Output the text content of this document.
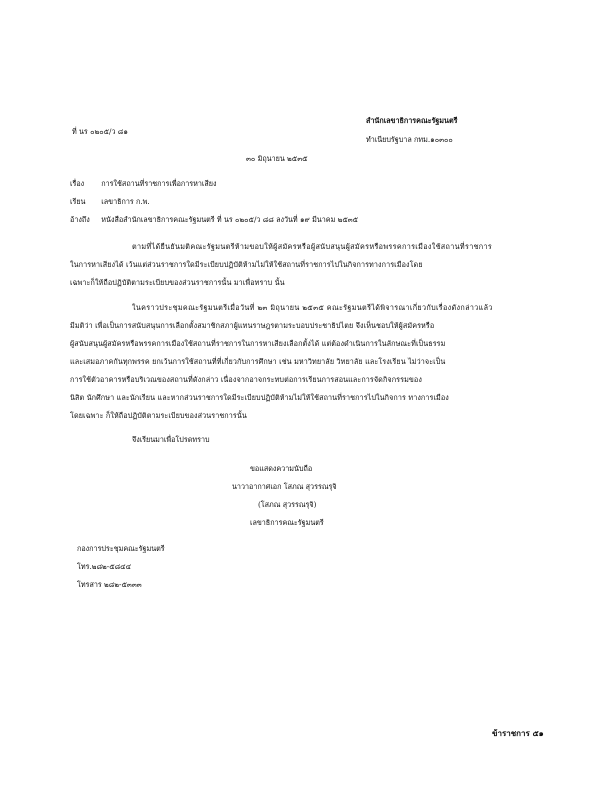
ที่ นร ๐๒๐๕/ว ๘๑
สำนักเลขาธิการคณะรัฐมนตรี
ทำเนียบรัฐบาล กทม.๑๐๓๐๐
๓๐ มิถุนายน ๒๕๓๕
เรื่อง การใช้สถานที่ราชการเพื่อการหาเสียง
เรียน เลขาธิการ ก.พ.
อ้างถึง หนังสือสำนักเลขาธิการคณะรัฐมนตรี ที่ นร ๐๒๐๕/ว ๘๘ ลงวันที่ ๑๙ มีนาคม ๒๕๓๕
ตามที่ได้ยืนยันมติคณะรัฐมนตรีห้ามขอบให้ผู้สมัครหรือผู้สนับสนุนผู้สมัครหรือพรรคการเมืองใช้สถานที่ราชการ
ในการหาเสียงได้ เว้นแต่ส่วนราชการใดมีระเบียบปฏิบัติห้ามไม่ให้ใช้สถานที่ราชการไปในกิจการทางการเมืองโดย
เฉพาะก็ให้ถือปฏิบัติตามระเบียบของส่วนราชการนั้น มาเพื่อทราบ นั้น
ในคราวประชุมคณะรัฐมนตรีเมื่อวันที่ ๒๓ มิถุนายน ๒๕๓๕ คณะรัฐมนตรีได้พิจารณาเกี่ยวกับเรื่องดังกล่าวแล้ว
มีมติว่า เพื่อเป็นการสนับสนุนการเลือกตั้งสมาชิกสภาผู้แทนราษฎรตามระบอบประชาธิปไตย จึงเห็นชอบให้ผู้สมัครหรือ
ผู้สนับสนุนผู้สมัครหรือพรรคการเมืองใช้สถานที่ราชการในการหาเสียงเลือกตั้งได้ แต่ต้องดำเนินการในลักษณะที่เป็นธรรม
และเสมอภาคกันทุกพรรค ยกเว้นการใช้สถานที่ที่เกี่ยวกับการศึกษา เช่น มหาวิทยาลัย วิทยาลัย และโรงเรียน ไม่ว่าจะเป็น
การใช้ตัวอาคารหรือบริเวณของสถานที่ดังกล่าว เนื่องจากอาจกระทบต่อการเรียนการสอนและการจัดกิจกรรมของ
นิสิต นักศึกษา และนักเรียน และหากส่วนราชการใดมีระเบียบปฏิบัติห้ามไม่ให้ใช้สถานที่ราชการไปในกิจการ ทางการเมือง
โดยเฉพาะ ก็ให้ถือปฏิบัติตามระเบียบของส่วนราชการนั้น
จึงเรียนมาเพื่อโปรดทราบ
ขอแสดงความนับถือ
นาวาอากาศเอก โสภณ สุวรรณรุจิ
(โสภณ สุวรรณรุจิ)
เลขาธิการคณะรัฐมนตรี
กองการประชุมคณะรัฐมนตรี
โทร.๒๘๒-๕๘๔๔
โทรสาร ๒๘๒-๕๓๓๓
ข้าราชการ ๕๑
